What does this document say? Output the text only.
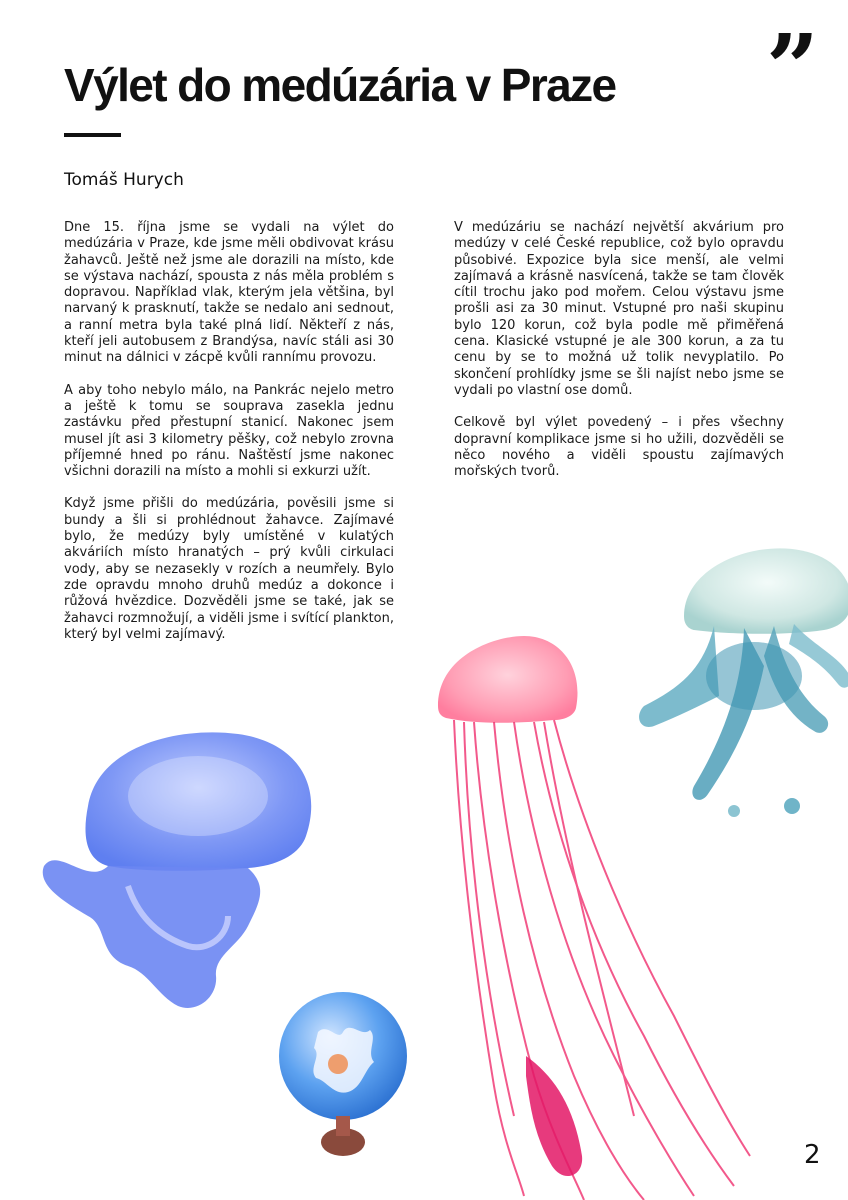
Výlet do medúzária v Praze ”
Tomáš Hurych

Dne 15. října jsme se vydali na výlet do medúzária v Praze, kde jsme měli obdivovat krásu žahavců. Ještě než jsme ale dorazili na místo, kde se výstava nachází, spousta z nás měla problém s dopravou. Například vlak, kterým jela většina, byl narvaný k prasknutí, takže se nedalo ani sednout, a ranní metra byla také plná lidí. Někteří z nás, kteří jeli autobusem z Brandýsa, navíc stáli asi 30 minut na dálnici v zácpě kvůli rannímu provozu.

A aby toho nebylo málo, na Pankrác nejelo metro a ještě k tomu se souprava zasekla jednu zastávku před přestupní stanicí. Nakonec jsem musel jít asi 3 kilometry pěšky, což nebylo zrovna příjemné hned po ránu. Naštěstí jsme nakonec všichni dorazili na místo a mohli si exkurzi užít.

Když jsme přišli do medúzária, pověsili jsme si bundy a šli si prohlédnout žahavce. Zajímavé bylo, že medúzy byly umístěné v kulatých akváriích místo hranatých – prý kvůli cirkulaci vody, aby se nezasekly v rozích a neumřely. Bylo zde opravdu mnoho druhů medúz a dokonce i růžová hvězdice. Dozvěděli jsme se také, jak se žahavci rozmnožují, a viděli jsme i svítící plankton, který byl velmi zajímavý.

V medúzáriu se nachází největší akvárium pro medúzy v celé České republice, což bylo opravdu působivé. Expozice byla sice menší, ale velmi zajímavá a krásně nasvícená, takže se tam člověk cítil trochu jako pod mořem. Celou výstavu jsme prošli asi za 30 minut. Vstupné pro naši skupinu bylo 120 korun, což byla podle mě přiměřená cena. Klasické vstupné je ale 300 korun, a za tu cenu by se to možná už tolik nevyplatilo. Po skončení prohlídky jsme se šli najíst nebo jsme se vydali po vlastní ose domů.

Celkově byl výlet povedený – i přes všechny dopravní komplikace jsme si ho užili, dozvěděli se něco nového a viděli spoustu zajímavých mořských tvorů.

2
